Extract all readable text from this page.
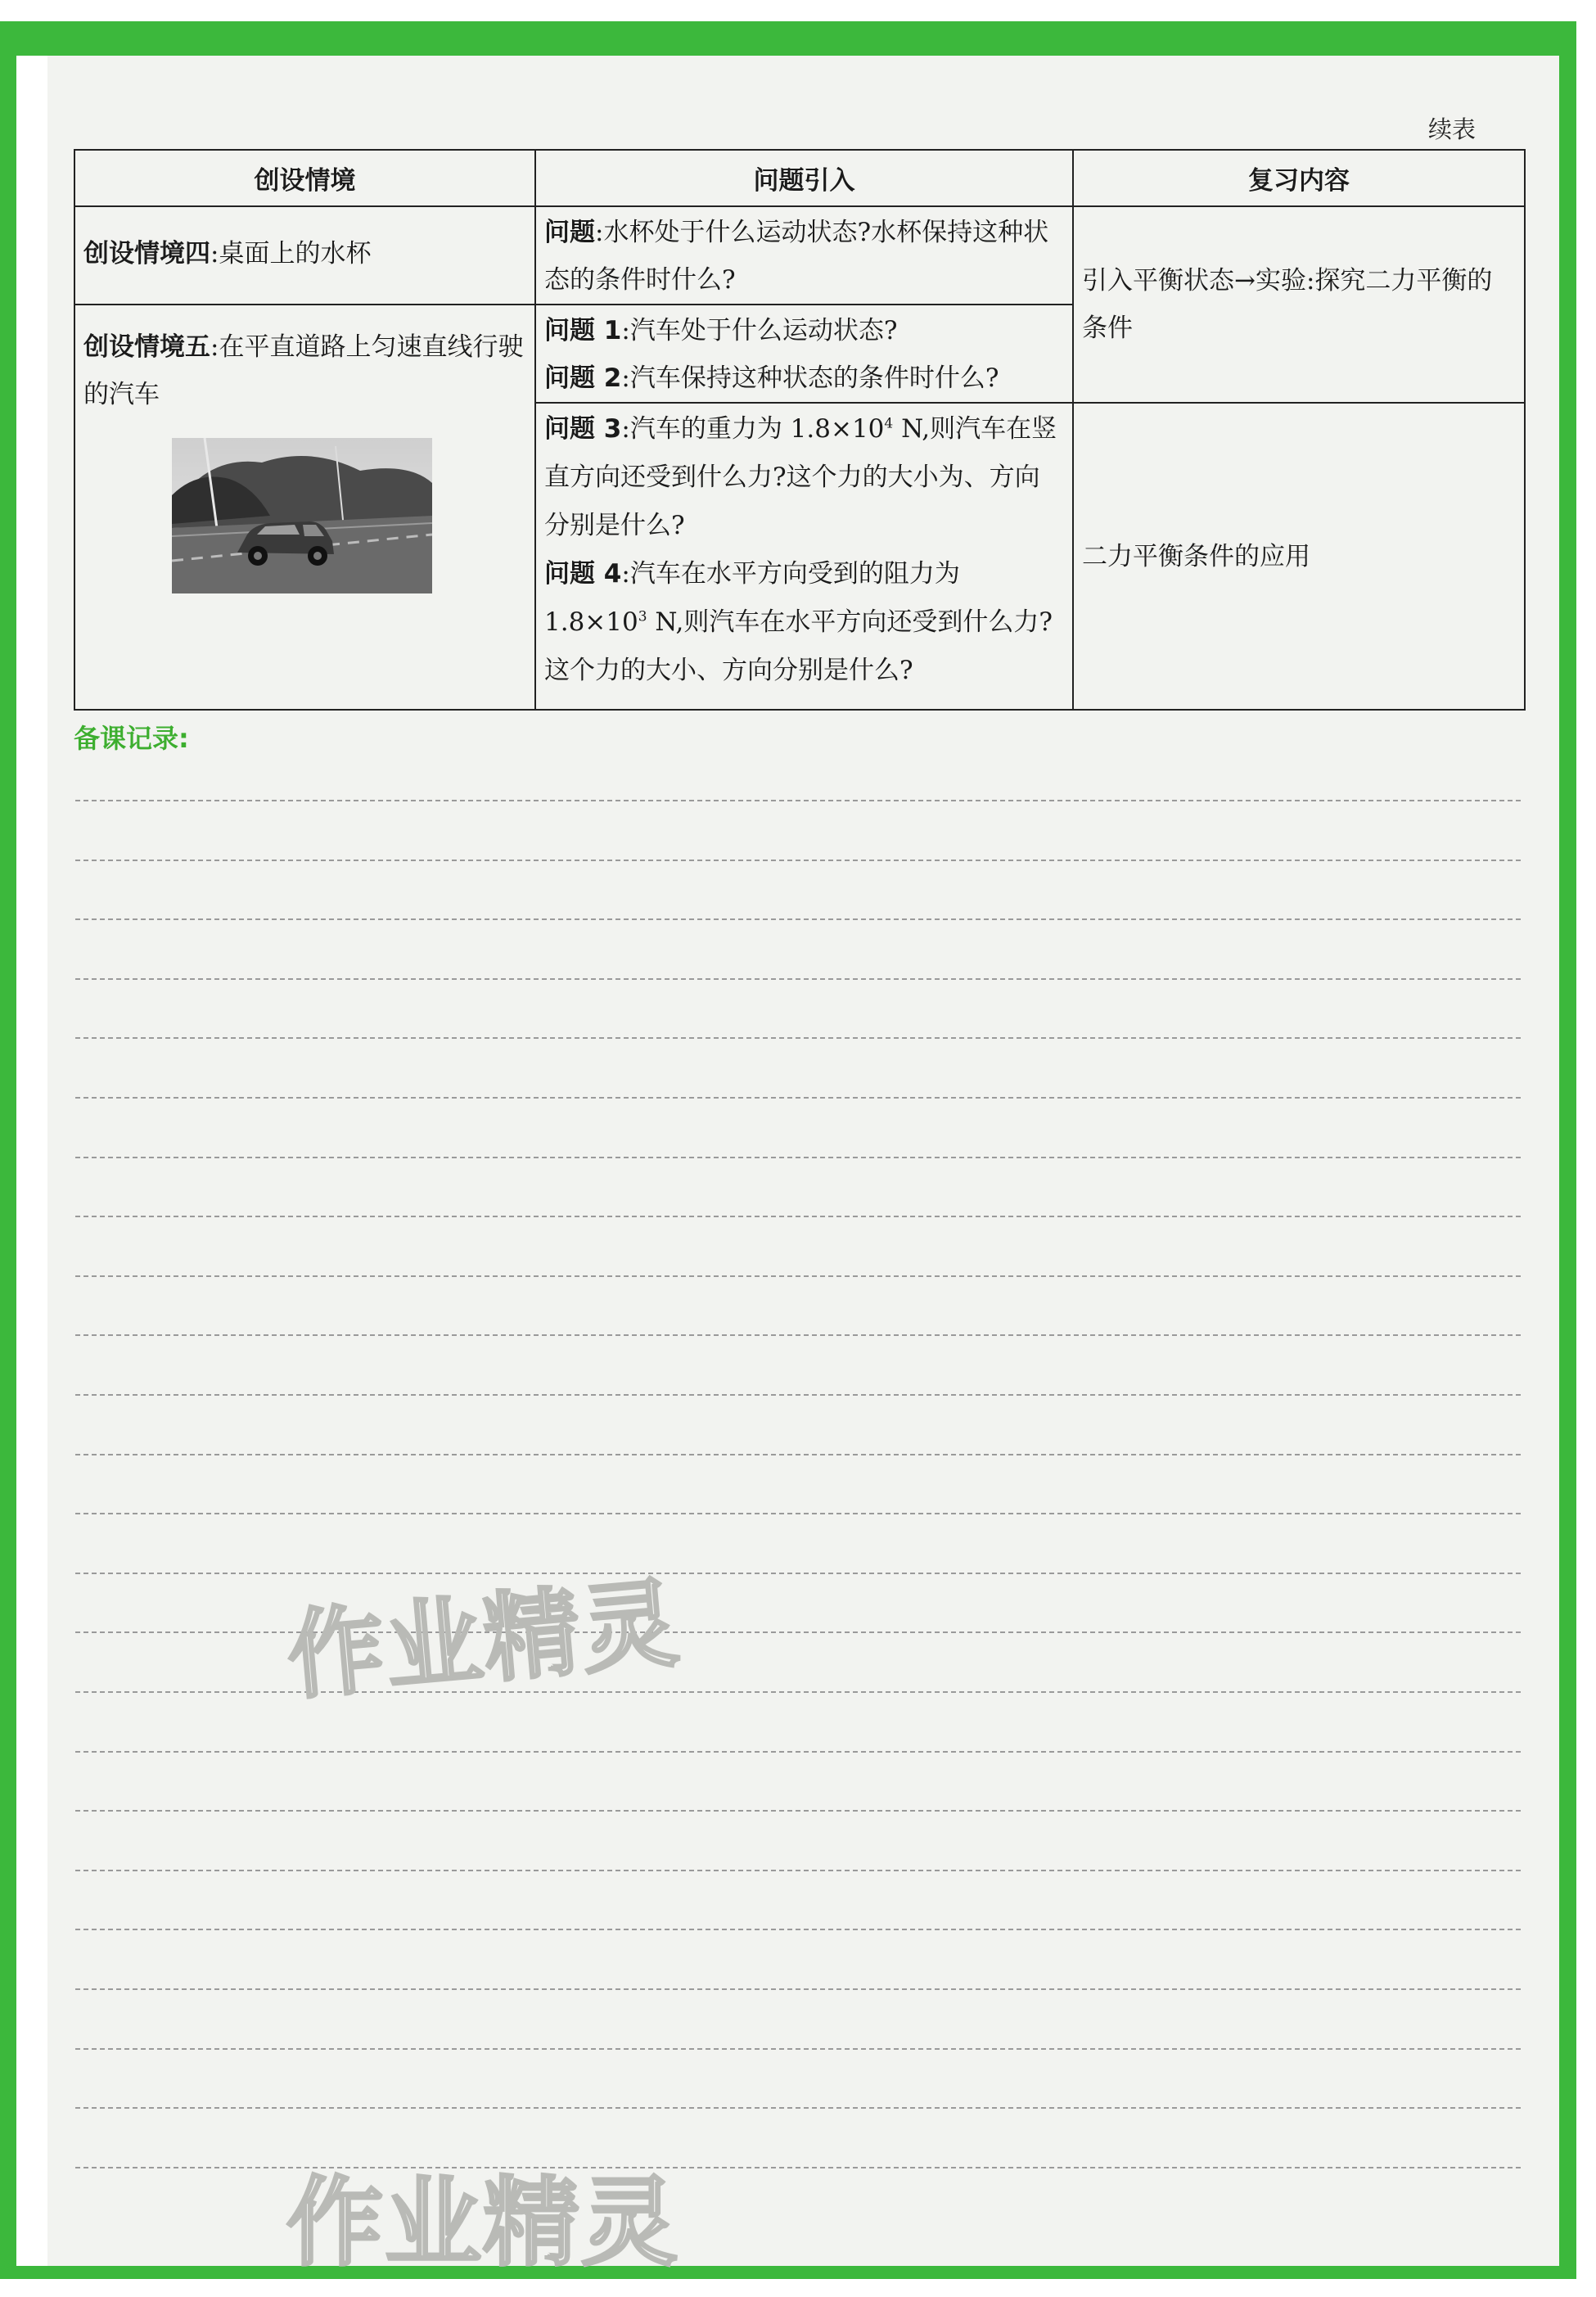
续表
创设情境	问题引入	复习内容

创设情境四:桌面上的水杯	问题:水杯处于什么运动状态?水杯保持这种状态的条件时什么?	引入平衡状态→实验:探究二力平衡的条件

创设情境五:在平直道路上匀速直线行驶的汽车	问题 1:汽车处于什么运动状态?
问题 2:汽车保持这种状态的条件时什么?	

	问题 3:汽车的重力为 $1.8\times 10^4$ N,则汽车在竖直方向还受到什么力?这个力的大小为、方向分别是什么?
问题 4:汽车在水平方向受到的阻力为 $1.8\times 10^3$ N,则汽车在水平方向还受到什么力?这个力的大小、方向分别是什么?	二力平衡条件的应用
备课记录:
作业精灵
作业精灵
